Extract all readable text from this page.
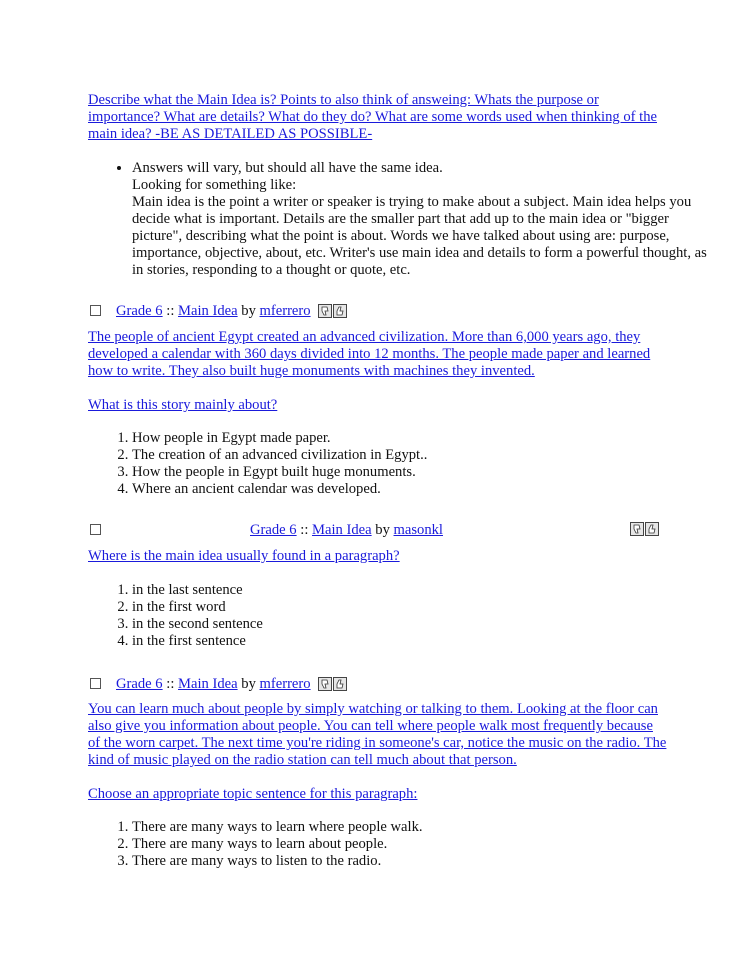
Describe what the Main Idea is? Points to also think of answeing: Whats the purpose or importance? What are details? What do they do? What are some words used when thinking of the main idea? -BE AS DETAILED AS POSSIBLE-
• Answers will vary, but should all have the same idea.
Looking for something like:
Main idea is the point a writer or speaker is trying to make about a subject. Main idea helps you decide what is important. Details are the smaller part that add up to the main idea or "bigger picture", describing what the point is about. Words we have talked about using are: purpose, importance, objective, about, etc. Writer's use main idea and details to form a powerful thought, as in stories, responding to a thought or quote, etc.
Grade 6 :: Main Idea by mferrero
The people of ancient Egypt created an advanced civilization. More than 6,000 years ago, they developed a calendar with 360 days divided into 12 months. The people made paper and learned how to write. They also built huge monuments with machines they invented.
What is this story mainly about?
1. How people in Egypt made paper.
2. The creation of an advanced civilization in Egypt..
3. How the people in Egypt built huge monuments.
4. Where an ancient calendar was developed.
Grade 6 :: Main Idea by masonkl
Where is the main idea usually found in a paragraph?
1. in the last sentence
2. in the first word
3. in the second sentence
4. in the first sentence
Grade 6 :: Main Idea by mferrero
You can learn much about people by simply watching or talking to them. Looking at the floor can also give you information about people. You can tell where people walk most frequently because of the worn carpet. The next time you're riding in someone's car, notice the music on the radio. The kind of music played on the radio station can tell much about that person.
Choose an appropriate topic sentence for this paragraph:
1. There are many ways to learn where people walk.
2. There are many ways to learn about people.
3. There are many ways to listen to the radio.
